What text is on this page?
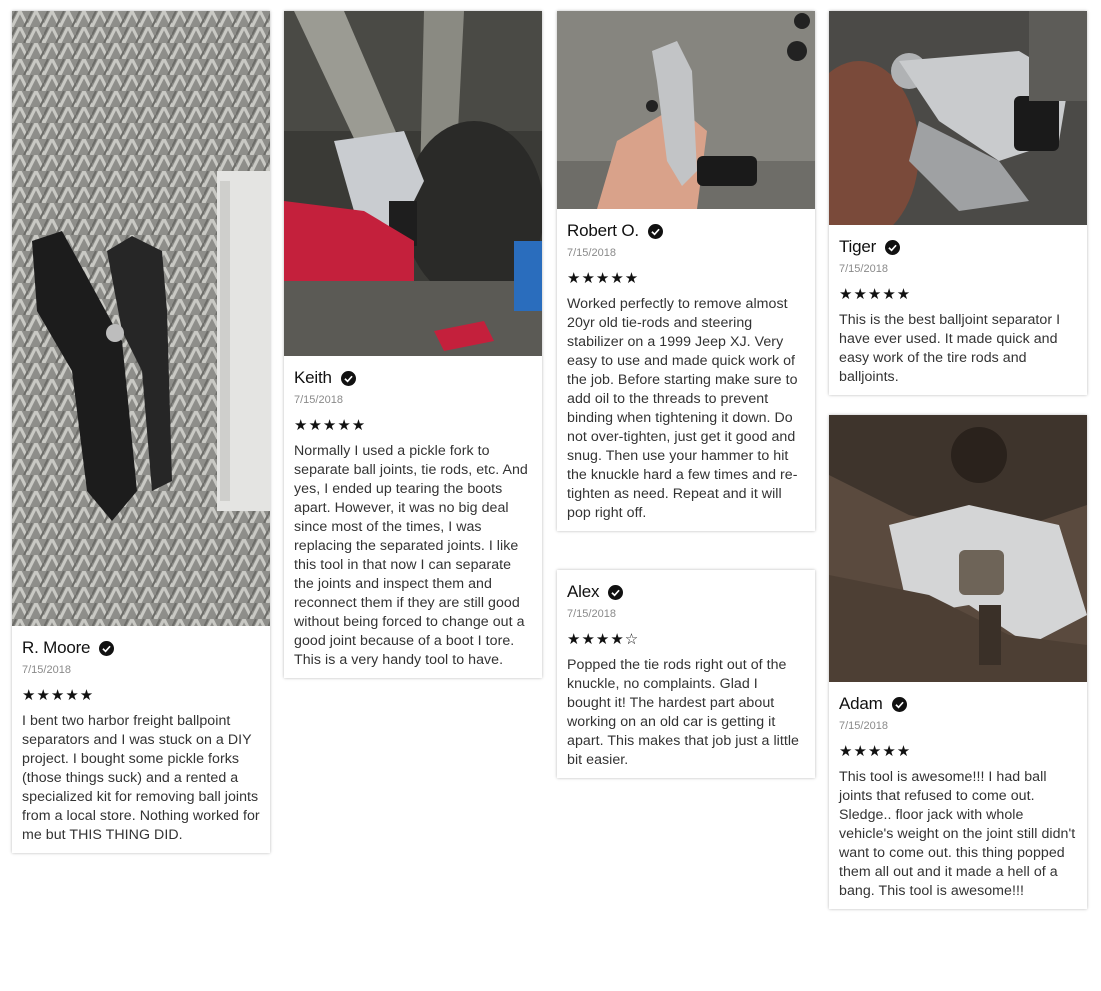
R. Moore
7/15/2018
★★★★★
I bent two harbor freight ballpoint separators and I was stuck on a DIY project. I bought some pickle forks (those things suck) and a rented a specialized kit for removing ball joints from a local store. Nothing worked for me but THIS THING DID.
Keith
7/15/2018
★★★★★
Normally I used a pickle fork to separate ball joints, tie rods, etc. And yes, I ended up tearing the boots apart. However, it was no big deal since most of the times, I was replacing the separated joints. I like this tool in that now I can separate the joints and inspect them and reconnect them if they are still good without being forced to change out a good joint because of a boot I tore. This is a very handy tool to have.
Robert O.
7/15/2018
★★★★★
Worked perfectly to remove almost 20yr old tie-rods and steering stabilizer on a 1999 Jeep XJ. Very easy to use and made quick work of the job. Before starting make sure to add oil to the threads to prevent binding when tightening it down. Do not over-tighten, just get it good and snug. Then use your hammer to hit the knuckle hard a few times and re-tighten as need. Repeat and it will pop right off.
Alex
7/15/2018
★★★★☆
Popped the tie rods right out of the knuckle, no complaints. Glad I bought it! The hardest part about working on an old car is getting it apart. This makes that job just a little bit easier.
Tiger
7/15/2018
★★★★★
This is the best balljoint separator I have ever used. It made quick and easy work of the tire rods and balljoints.
Adam
7/15/2018
★★★★★
This tool is awesome!!! I had ball joints that refused to come out. Sledge.. floor jack with whole vehicle's weight on the joint still didn't want to come out. this thing popped them all out and it made a hell of a bang. This tool is awesome!!!
